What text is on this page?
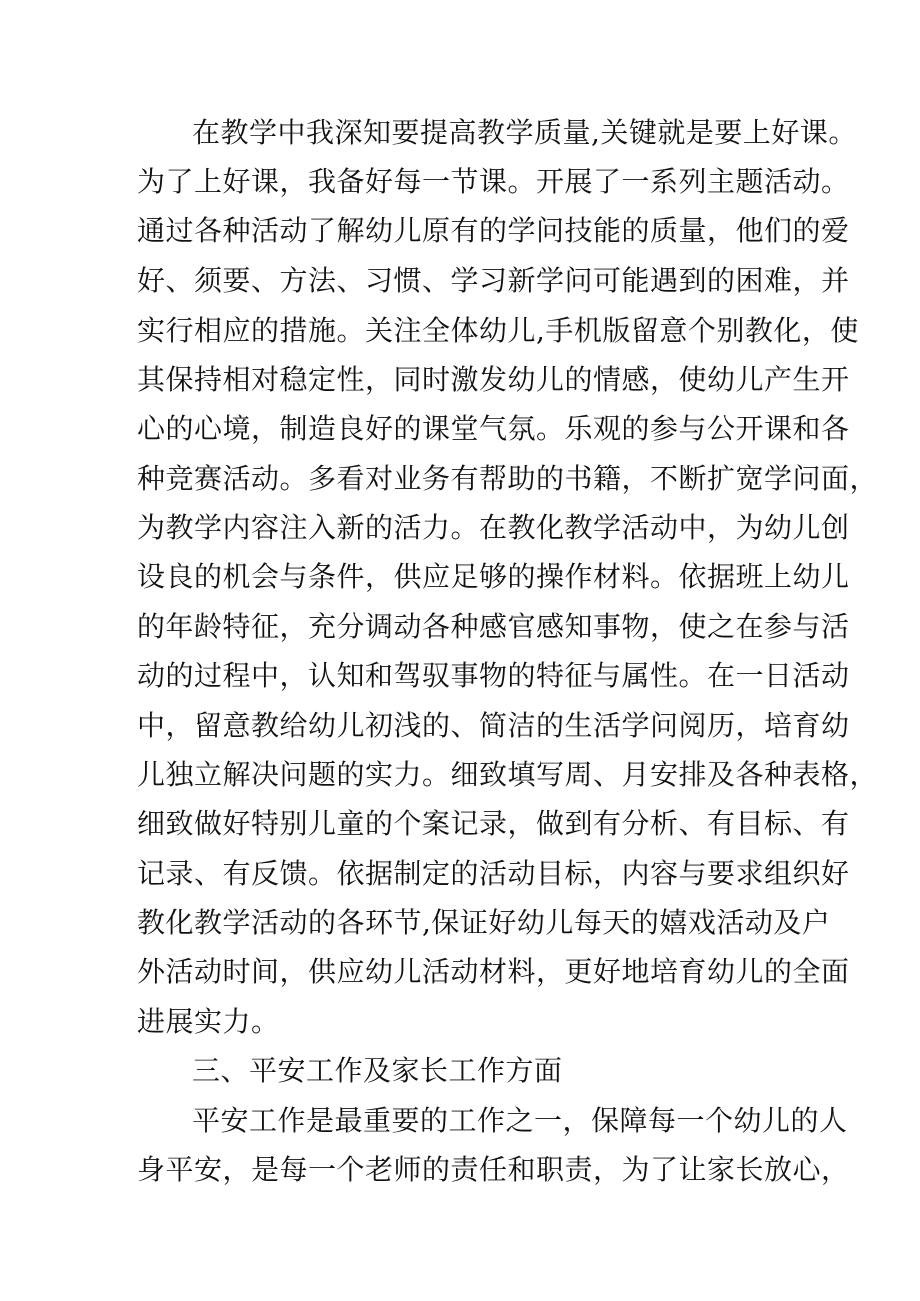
在教学中我深知要提高教学质量,关键就是要上好课。
为了上好课，我备好每一节课。开展了一系列主题活动。
通过各种活动了解幼儿原有的学问技能的质量，他们的爱
好、须要、方法、习惯、学习新学问可能遇到的困难，并
实行相应的措施。关注全体幼儿,手机版留意个别教化，使
其保持相对稳定性，同时激发幼儿的情感，使幼儿产生开
心的心境，制造良好的课堂气氛。乐观的参与公开课和各
种竞赛活动。多看对业务有帮助的书籍，不断扩宽学问面，
为教学内容注入新的活力。在教化教学活动中，为幼儿创
设良的机会与条件，供应足够的操作材料。依据班上幼儿
的年龄特征，充分调动各种感官感知事物，使之在参与活
动的过程中，认知和驾驭事物的特征与属性。在一日活动
中，留意教给幼儿初浅的、简洁的生活学问阅历，培育幼
儿独立解决问题的实力。细致填写周、月安排及各种表格，
细致做好特别儿童的个案记录，做到有分析、有目标、有
记录、有反馈。依据制定的活动目标，内容与要求组织好
教化教学活动的各环节,保证好幼儿每天的嬉戏活动及户
外活动时间，供应幼儿活动材料，更好地培育幼儿的全面
进展实力。
三、平安工作及家长工作方面
平安工作是最重要的工作之一，保障每一个幼儿的人
身平安，是每一个老师的责任和职责，为了让家长放心，
